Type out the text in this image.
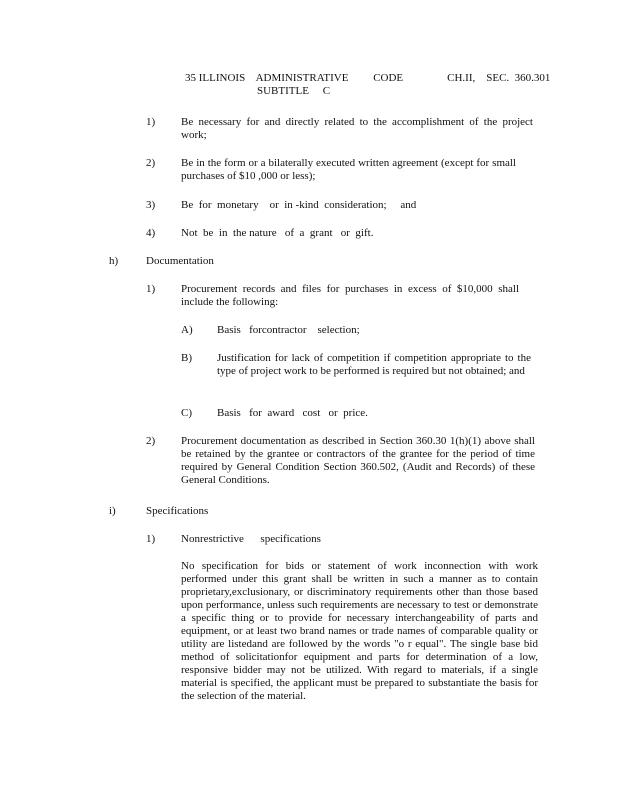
35 ILLINOIS    ADMINISTRATIVE         CODE                CH.II,    SEC.  360.301
SUBTITLE     C
1) Be necessary for and directly related to the accomplishment of the project work;
2) Be in the form or a bilaterally executed written agreement (except for small purchases of $10 ,000 or less);
3) Be  for  monetary    or  in -kind  consideration;     and
4) Not  be  in  the nature   of  a  grant   or  gift.
h)	Documentation
1) Procurement records and files for purchases in excess of $10,000 shall include the following:
A) Basis   forcontractor    selection;
B) Justification for lack of competition if competition appropriate to the type of project work to be performed is required but not obtained; and
C) Basis   for  award   cost   or  price.
2) Procurement documentation as described in Section 360.30 1(h)(1) above shall be retained by the grantee or contractors of the grantee for the period of time required by General Condition Section 360.502, (Audit and Records) of these General Conditions.
i)	Specifications
1) Nonrestrictive      specifications
No specification for bids or statement of work inconnection with work performed under this grant shall be written in such a manner as to contain proprietary,exclusionary, or discriminatory requirements other than those based upon performance, unless such requirements are necessary to test or demonstrate a specific thing or to provide for necessary interchangeability of parts and equipment, or at least two brand names or trade names of comparable quality or utility are listedand are followed by the words "o r equal". The single base bid method of solicitationfor equipment and parts for determination of a low, responsive bidder may not be utilized. With regard to materials, if a single material is specified, the applicant must be prepared to substantiate the basis for the selection of the material.
